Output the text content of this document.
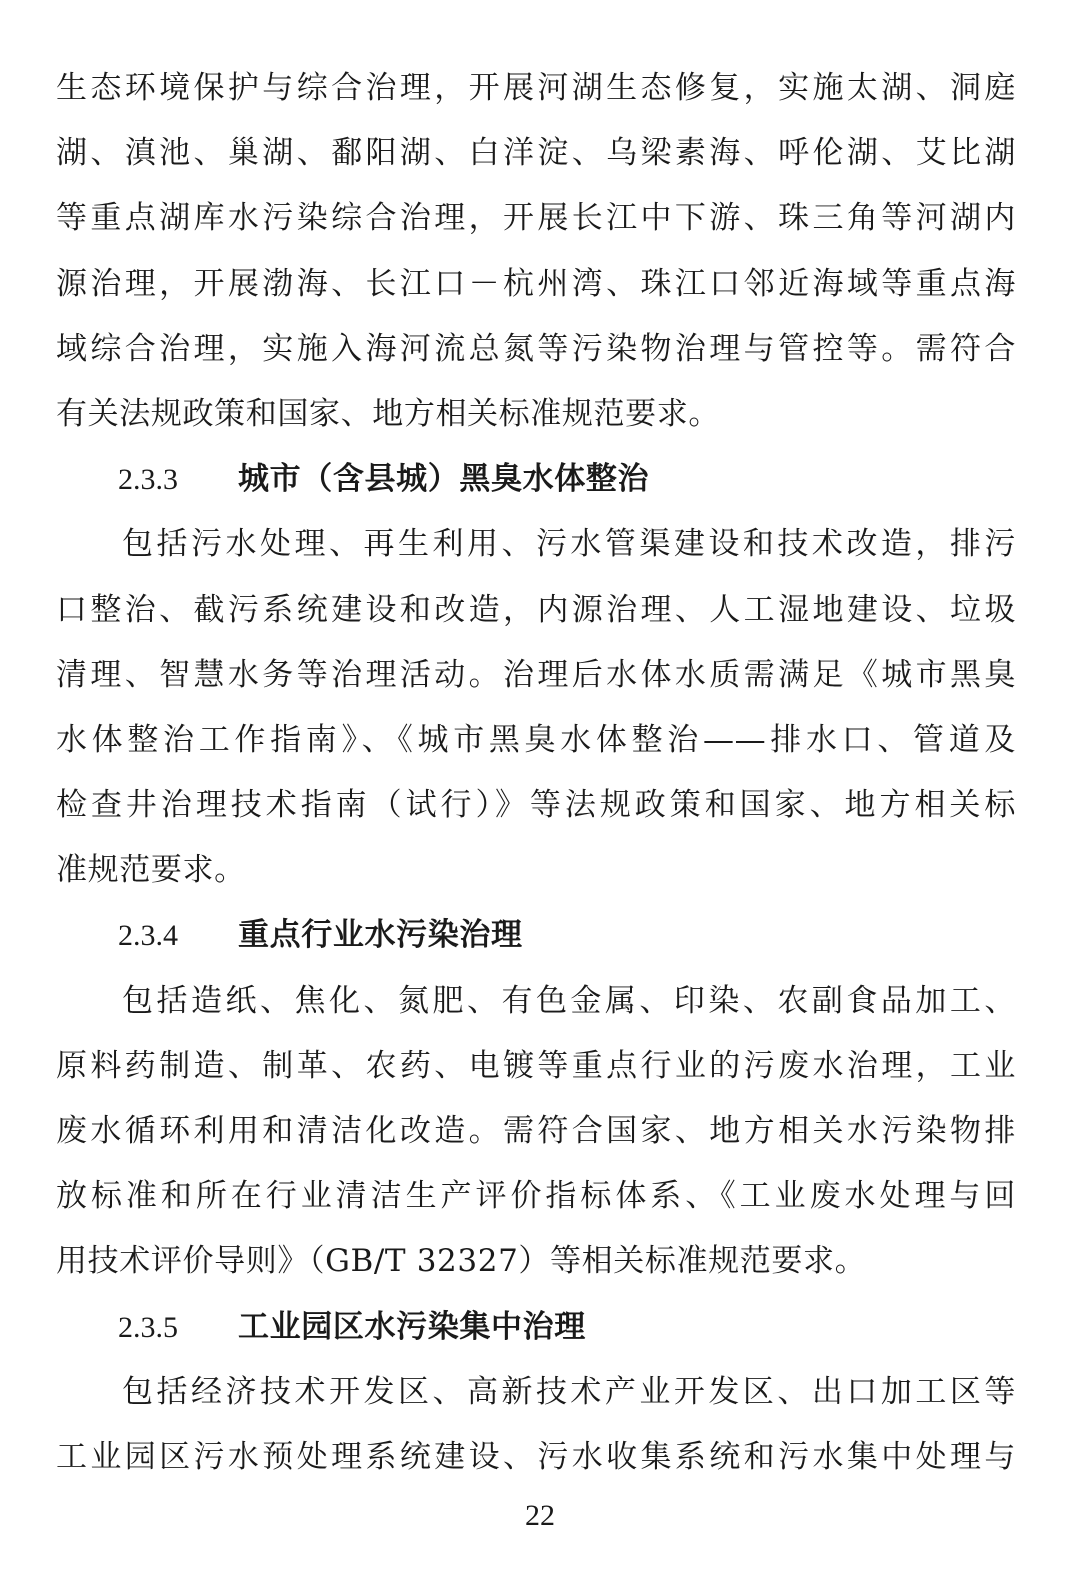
生态环境保护与综合治理，开展河湖生态修复，实施太湖、洞庭
湖、滇池、巢湖、鄱阳湖、白洋淀、乌梁素海、呼伦湖、艾比湖
等重点湖库水污染综合治理，开展长江中下游、珠三角等河湖内
源治理，开展渤海、长江口－杭州湾、珠江口邻近海域等重点海
域综合治理，实施入海河流总氮等污染物治理与管控等。需符合
有关法规政策和国家、地方相关标准规范要求。
2.3.3 城市（含县城）黑臭水体整治
包括污水处理、再生利用、污水管渠建设和技术改造，排污
口整治、截污系统建设和改造，内源治理、人工湿地建设、垃圾
清理、智慧水务等治理活动。治理后水体水质需满足《城市黑臭
水体整治工作指南》、《城市黑臭水体整治——排水口、管道及
检查井治理技术指南（试行）》等法规政策和国家、地方相关标
准规范要求。
2.3.4 重点行业水污染治理
包括造纸、焦化、氮肥、有色金属、印染、农副食品加工、
原料药制造、制革、农药、电镀等重点行业的污废水治理，工业
废水循环利用和清洁化改造。需符合国家、地方相关水污染物排
放标准和所在行业清洁生产评价指标体系、《工业废水处理与回
用技术评价导则》（GB/T 32327）等相关标准规范要求。
2.3.5 工业园区水污染集中治理
包括经济技术开发区、高新技术产业开发区、出口加工区等
工业园区污水预处理系统建设、污水收集系统和污水集中处理与
22
